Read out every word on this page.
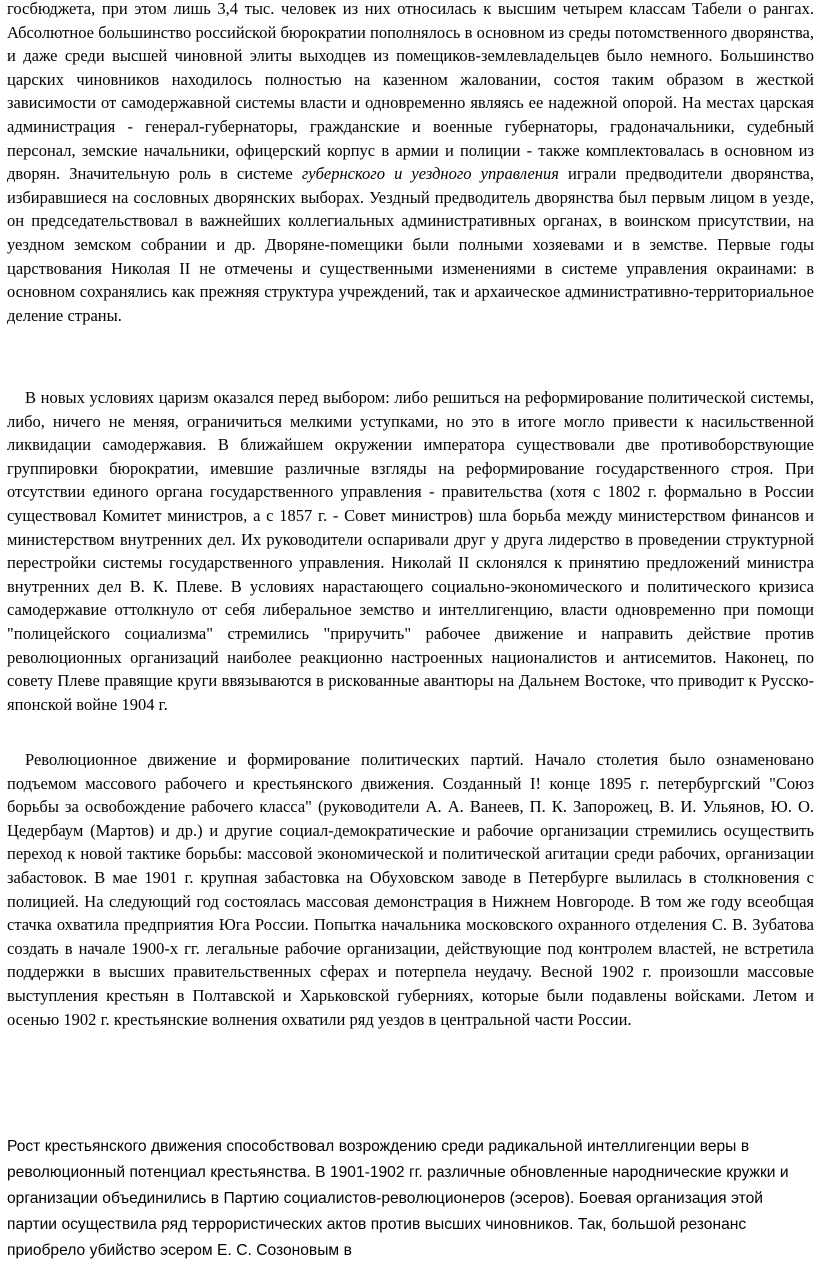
госбюджета, при этом лишь 3,4 тыс. человек из них относилась к высшим четырем классам Табели о рангах. Абсолютное большинство российской бюрократии пополнялось в основном из среды потомственного дворянства, и даже среди высшей чиновной элиты выходцев из помещиков-землевладельцев было немного. Большинство царских чиновников находилось полностью на казенном жаловании, состоя таким образом в жесткой зависимости от самодержавной системы власти и одновременно являясь ее надежной опорой. На местах царская администрация - генерал-губернаторы, гражданские и военные губернаторы, градоначальники, судебный персонал, земские начальники, офицерский корпус в армии и полиции - также комплектовалась в основном из дворян. Значительную роль в системе губернского и уездного управления играли предводители дворянства, избиравшиеся на сословных дворянских выборах. Уездный предводитель дворянства был первым лицом в уезде, он председательствовал в важнейших коллегиальных административных органах, в воинском присутствии, на уездном земском собрании и др. Дворяне-помещики были полными хозяевами и в земстве. Первые годы царствования Николая II не отмечены и существенными изменениями в системе управления окраинами: в основном сохранялись как прежняя структура учреждений, так и архаическое административно-территориальное деление страны.

В новых условиях царизм оказался перед выбором: либо решиться на реформирование политической системы, либо, ничего не меняя, ограничиться мелкими уступками, но это в итоге могло привести к насильственной ликвидации самодержавия. В ближайшем окружении императора существовали две противоборствующие группировки бюрократии, имевшие различные взгляды на реформирование государственного строя. При отсутствии единого органа государственного управления - правительства (хотя с 1802 г. формально в России существовал Комитет министров, а с 1857 г. - Совет министров) шла борьба между министерством финансов и министерством внутренних дел. Их руководители оспаривали друг у друга лидерство в проведении структурной перестройки системы государственного управления. Николай II склонялся к принятию предложений министра внутренних дел В. К. Плеве. В условиях нарастающего социально-экономического и политического кризиса самодержавие оттолкнуло от себя либеральное земство и интеллигенцию, власти одновременно при помощи "полицейского социализма" стремились "приручить" рабочее движение и направить действие против революционных организаций наиболее реакционно настроенных националистов и антисемитов. Наконец, по совету Плеве правящие круги ввязываются в рискованные авантюры на Дальнем Востоке, что приводит к Русско-японской войне 1904 г.

Революционное движение и формирование политических партий. Начало столетия было ознаменовано подъемом массового рабочего и крестьянского движения. Созданный I! конце 1895 г. петербургский "Союз борьбы за освобождение рабочего класса" (руководители А. А. Ванеев, П. К. Запорожец, В. И. Ульянов, Ю. О. Цедербаум (Мартов) и др.) и другие социал-демократические и рабочие организации стремились осуществить переход к новой тактике борьбы: массовой экономической и политической агитации среди рабочих, организации забастовок. В мае 1901 г. крупная забастовка на Обуховском заводе в Петербурге вылилась в столкновения с полицией. На следующий год состоялась массовая демонстрация в Нижнем Новгороде. В том же году всеобщая стачка охватила предприятия Юга России. Попытка начальника московского охранного отделения С. В. Зубатова создать в начале 1900-х гг. легальные рабочие организации, действующие под контролем властей, не встретила поддержки в высших правительственных сферах и потерпела неудачу. Весной 1902 г. произошли массовые выступления крестьян в Полтавской и Харьковской губерниях, которые были подавлены войсками. Летом и осенью 1902 г. крестьянские волнения охватили ряд уездов в центральной части России.

Рост крестьянского движения способствовал возрождению среди радикальной интеллигенции веры в революционный потенциал крестьянства. В 1901-1902 гг. различные обновленные народнические кружки и организации объединились в Партию социалистов-революционеров (эсеров). Боевая организация этой партии осуществила ряд террористических актов против высших чиновников. Так, большой резонанс приобрело убийство эсером Е. С. Созоновым в
